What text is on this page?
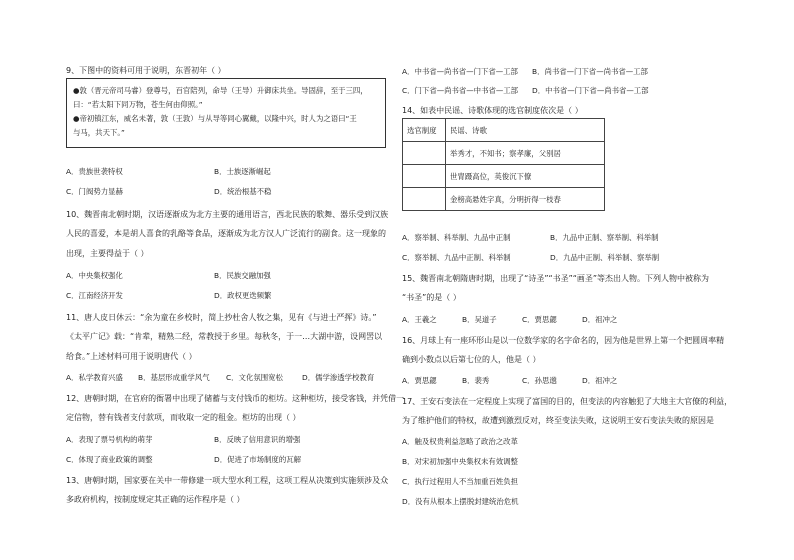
9、下图中的资料可用于说明，东晋初年（ ）
●敦（晋元帝司马睿）登尊号，百官陪列，命导（王导）升御床共坐。导固辞，至于三四，
曰：“若太阳下同万物，苍生何由仰照。”
●帝初镇江东，威名未著，敦（王敦）与从导等同心翼戴，以隆中兴，时人为之语曰“王
与马，共天下。”
A．贵族世袭特权	B．士族逐渐崛起
C．门阀势力显赫	D．统治根基不稳
10、魏晋南北朝时期，汉语逐渐成为北方主要的通用语言，西北民族的歌舞、器乐受到汉族
人民的喜爱，本是胡人喜食的乳酪等食品，逐渐成为北方汉人广泛流行的副食。这一现象的
出现，主要得益于（ ）
A．中央集权强化	B．民族交融加强
C．江南经济开发	D．政权更迭频繁
11、唐人皮日休云：“余为童在乡校时，简上抄杜舍人牧之集，见有《与进士严挥》诗。”
《太平广记》载：“肯辈，精熟二经，常教授于乡里。每秋冬，于一…大湖中游，设网罟以
给食。”上述材料可用于说明唐代（ ）
A．私学教育兴盛 B．基层形成重学风气 C．文化氛围宽松	D．儒学渗透学校教育
12、唐朝时期，在官府的衙署中出现了储蓄与支付钱币的柜坊。这种柜坊，接受客钱，并凭借一
定信物，替有钱者支付款项，而收取一定的租金。柜坊的出现（ ）
A．表现了票号机构的萌芽	B．反映了信用意识的增强
C．体现了商业政策的调整	D．促进了市场制度的瓦解
13、唐朝时期，国家要在关中一带修建一项大型水利工程，这项工程从决策到实施须涉及众
多政府机构，按制度规定其正确的运作程序是（ ）
A．中书省—尚书省—门下省—工部 B．尚书省—门下省—尚书省—工部
C．门下省—尚书省—中书省—工部 D．中书省—门下省—尚书省—工部
14、如表中民谣、诗歌体现的选官制度依次是（ ）
选官制度	民谣、诗歌
	举秀才，不知书；察孝廉，父别居
	世胄蹑高位，英俊沉下僚
	金榜高悬姓字真，分明折得一枝春
A．察举制、科举制、九品中正制	B．九品中正制、察举制、科举制
C．察举制、九品中正制、科举制	D．九品中正制、科举制、察举制
15、魏晋南北朝隋唐时期，出现了“诗圣”“书圣”“画圣”等杰出人物。下列人物中被称为
“书圣”的是（ ）
A．王羲之	B．吴道子	C．贾思勰	D．祖冲之
16、月球上有一座环形山是以一位数学家的名字命名的，因为他是世界上第一个把圆周率精
确到小数点以后第七位的人，他是（ ）
A．贾思勰	B．裴秀	C．孙思邈	D．祖冲之
17、王安石变法在一定程度上实现了富国的目的，但变法的内容触犯了大地主大官僚的利益，
为了维护他们的特权，故遭到激烈反对，终至变法失败，这说明王安石变法失败的原因是
A．触及权贵利益忽略了政治之改革
B．对宋初加强中央集权未有效调整
C．执行过程用人不当加重百姓负担
D．没有从根本上摆脱封建统治危机
